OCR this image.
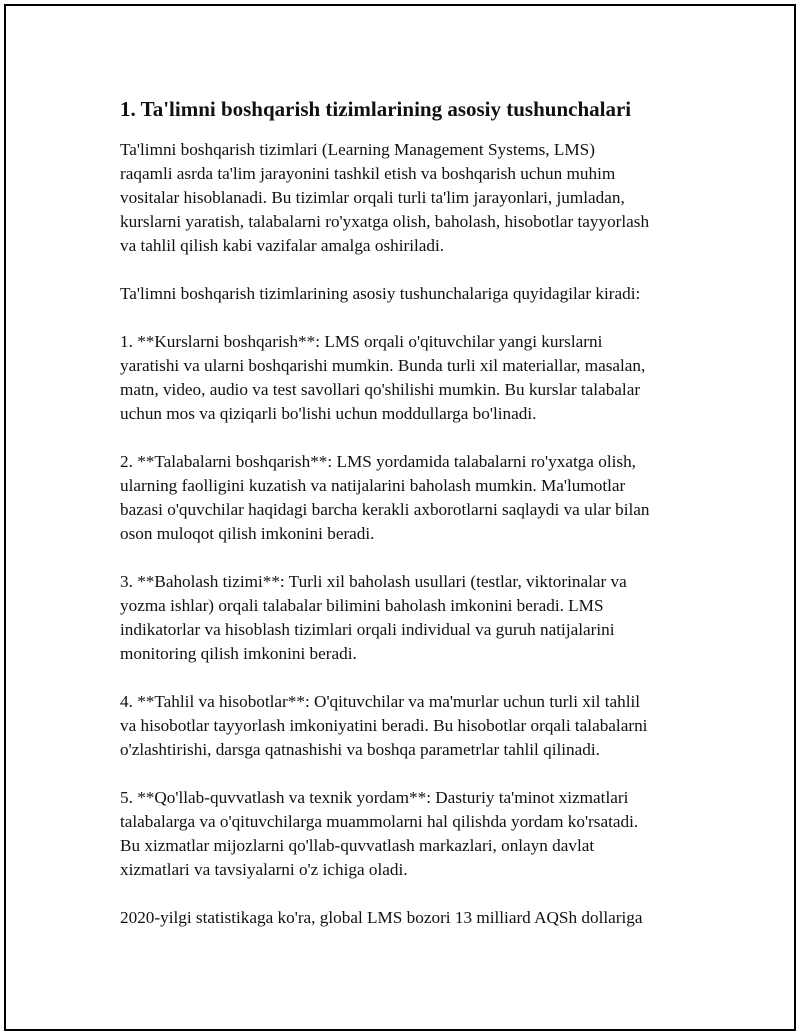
1. Ta'limni boshqarish tizimlarining asosiy tushunchalari

Ta'limni boshqarish tizimlari (Learning Management Systems, LMS)
raqamli asrda ta'lim jarayonini tashkil etish va boshqarish uchun muhim
vositalar hisoblanadi. Bu tizimlar orqali turli ta'lim jarayonlari, jumladan,
kurslarni yaratish, talabalarni ro'yxatga olish, baholash, hisobotlar tayyorlash
va tahlil qilish kabi vazifalar amalga oshiriladi.

Ta'limni boshqarish tizimlarining asosiy tushunchalariga quyidagilar kiradi:

1. **Kurslarni boshqarish**: LMS orqali o'qituvchilar yangi kurslarni
yaratishi va ularni boshqarishi mumkin. Bunda turli xil materiallar, masalan,
matn, video, audio va test savollari qo'shilishi mumkin. Bu kurslar talabalar
uchun mos va qiziqarli bo'lishi uchun moddullarga bo'linadi.

2. **Talabalarni boshqarish**: LMS yordamida talabalarni ro'yxatga olish,
ularning faolligini kuzatish va natijalarini baholash mumkin. Ma'lumotlar
bazasi o'quvchilar haqidagi barcha kerakli axborotlarni saqlaydi va ular bilan
oson muloqot qilish imkonini beradi.

3. **Baholash tizimi**: Turli xil baholash usullari (testlar, viktorinalar va
yozma ishlar) orqali talabalar bilimini baholash imkonini beradi. LMS
indikatorlar va hisoblash tizimlari orqali individual va guruh natijalarini
monitoring qilish imkonini beradi.

4. **Tahlil va hisobotlar**: O'qituvchilar va ma'murlar uchun turli xil tahlil
va hisobotlar tayyorlash imkoniyatini beradi. Bu hisobotlar orqali talabalarni
o'zlashtirishi, darsga qatnashishi va boshqa parametrlar tahlil qilinadi.

5. **Qo'llab-quvvatlash va texnik yordam**: Dasturiy ta'minot xizmatlari
talabalarga va o'qituvchilarga muammolarni hal qilishda yordam ko'rsatadi.
Bu xizmatlar mijozlarni qo'llab-quvvatlash markazlari, onlayn davlat
xizmatlari va tavsiyalarni o'z ichiga oladi.

2020-yilgi statistikaga ko'ra, global LMS bozori 13 milliard AQSh dollariga
